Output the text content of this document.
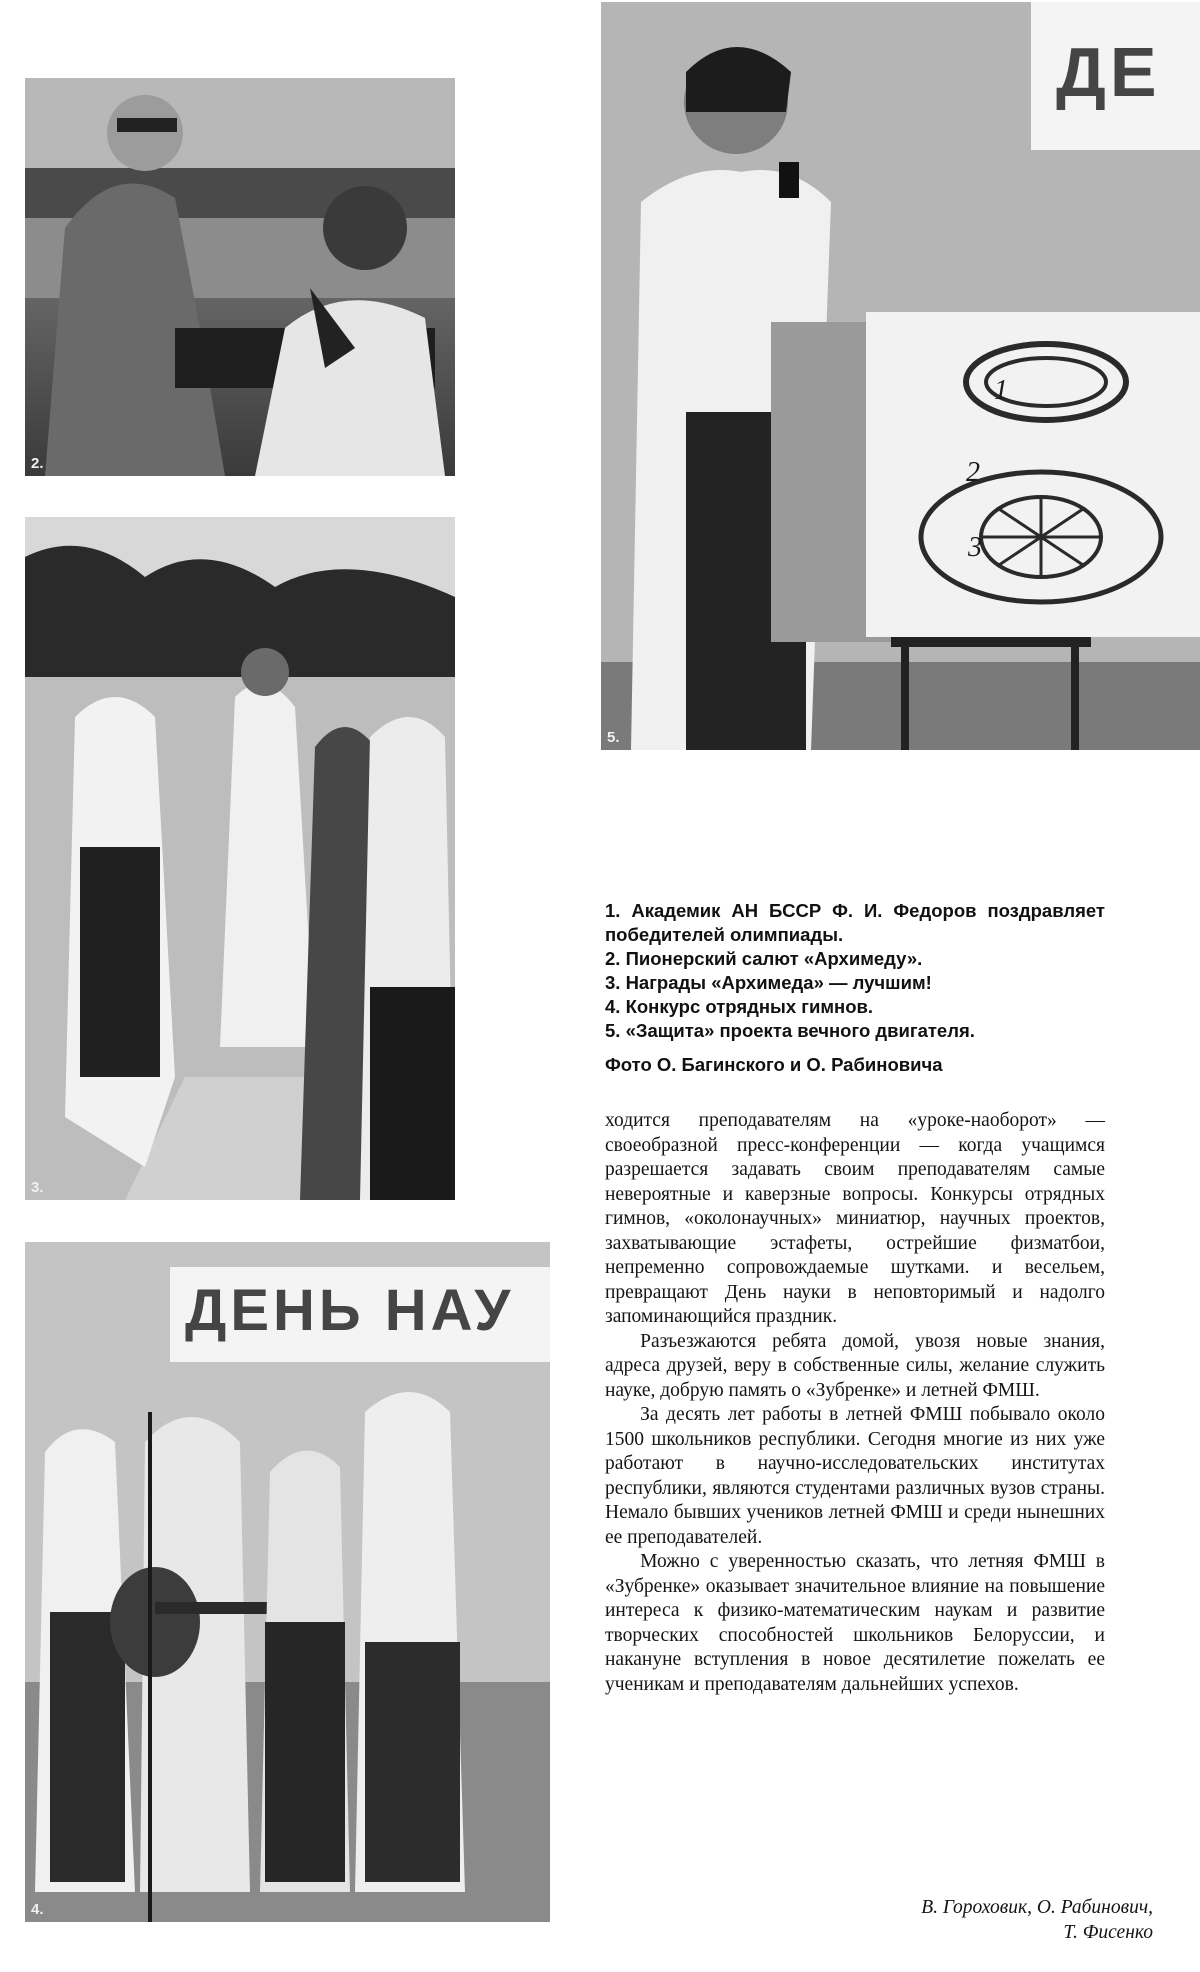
2.
3.
ДЕНЬ НАУ
4.
ДЕ
1
2
3
5.

1. Академик АН БССР Ф. И. Федоров поздравляет победителей олимпиады.

2. Пионерский салют «Архимеду».

3. Награды «Архимеда» — лучшим!

4. Конкурс отрядных гимнов.

5. «Защита» проекта вечного двигателя.

Фото О. Багинского и О. Рабиновича

ходится преподавателям на «уроке-наоборот» — своеобразной пресс-конференции — когда учащимся разрешается задавать своим преподавателям самые невероятные и каверзные вопросы. Конкурсы отрядных гимнов, «околонаучных» миниатюр, научных проектов, захватывающие эстафеты, острейшие физматбои, непременно сопровождаемые шутками. и весельем, превращают День науки в неповторимый и надолго запоминающийся праздник.

Разъезжаются ребята домой, увозя новые знания, адреса друзей, веру в собственные силы, желание служить науке, добрую память о «Зубренке» и летней ФМШ.

За десять лет работы в летней ФМШ побывало около 1500 школьников республики. Сегодня многие из них уже работают в научно-исследовательских институтах республики, являются студентами различных вузов страны. Немало бывших учеников летней ФМШ и среди нынешних ее преподавателей.

Можно с уверенностью сказать, что летняя ФМШ в «Зубренке» оказывает значительное влияние на повышение интереса к физико-математическим наукам и развитие творческих способностей школьников Белоруссии, и накануне вступления в новое десятилетие пожелать ее ученикам и преподавателям дальнейших успехов.

В. Гороховик, О. Рабинович,
Т. Фисенко
